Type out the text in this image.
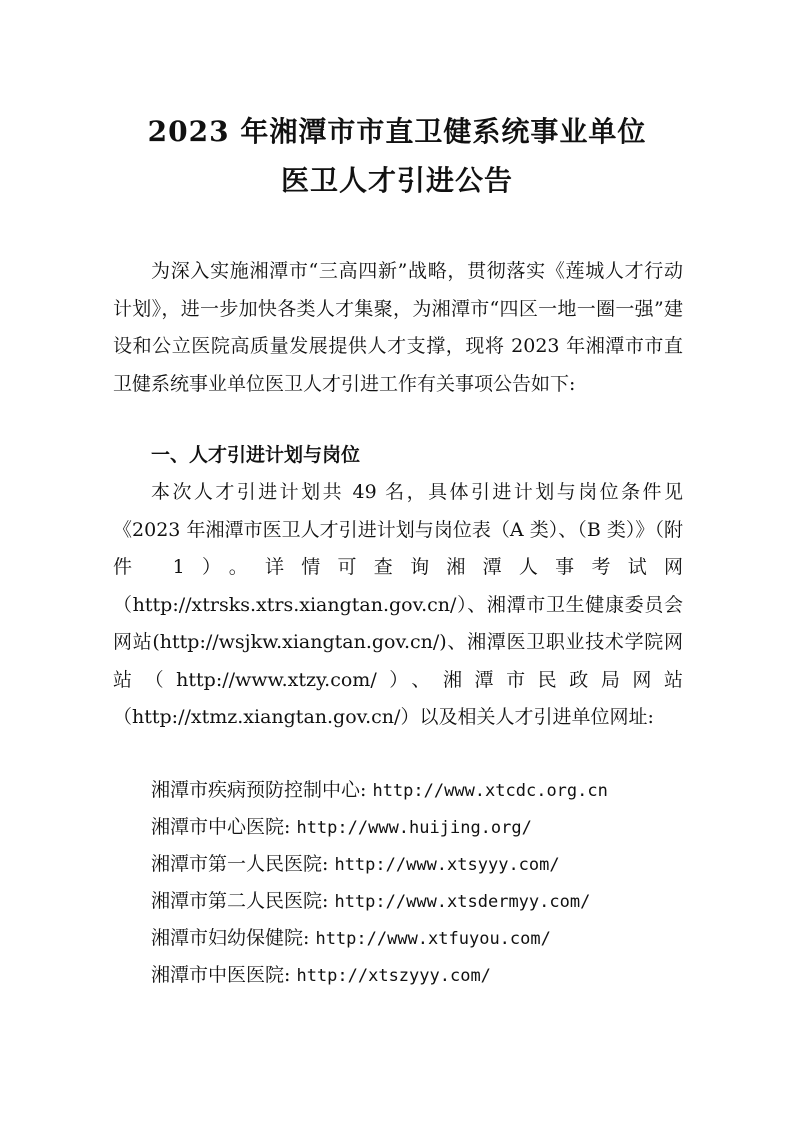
2023 年湘潭市市直卫健系统事业单位
医卫人才引进公告

为深入实施湘潭市“三高四新”战略，贯彻落实《莲城人才行动计划》，进一步加快各类人才集聚，为湘潭市“四区一地一圈一强”建设和公立医院高质量发展提供人才支撑，现将 2023 年湘潭市市直卫健系统事业单位医卫人才引进工作有关事项公告如下:

一、人才引进计划与岗位

本次人才引进计划共 49 名，具体引进计划与岗位条件见《2023 年湘潭市医卫人才引进计划与岗位表（A 类）、（B 类）》（附件 1）。详情可查询湘潭人事考试网（http://xtrsks.xtrs.xiangtan.gov.cn/）、湘潭市卫生健康委员会网站(http://wsjkw.xiangtan.gov.cn/)、湘潭医卫职业技术学院网站（http://www.xtzy.com/）、湘潭市民政局网站（http://xtmz.xiangtan.gov.cn/）以及相关人才引进单位网址:

湘潭市疾病预防控制中心: http://www.xtcdc.org.cn
湘潭市中心医院: http://www.huijing.org/
湘潭市第一人民医院: http://www.xtsyyy.com/
湘潭市第二人民医院: http://www.xtsdermyy.com/
湘潭市妇幼保健院: http://www.xtfuyou.com/
湘潭市中医医院: http://xtszyyy.com/
